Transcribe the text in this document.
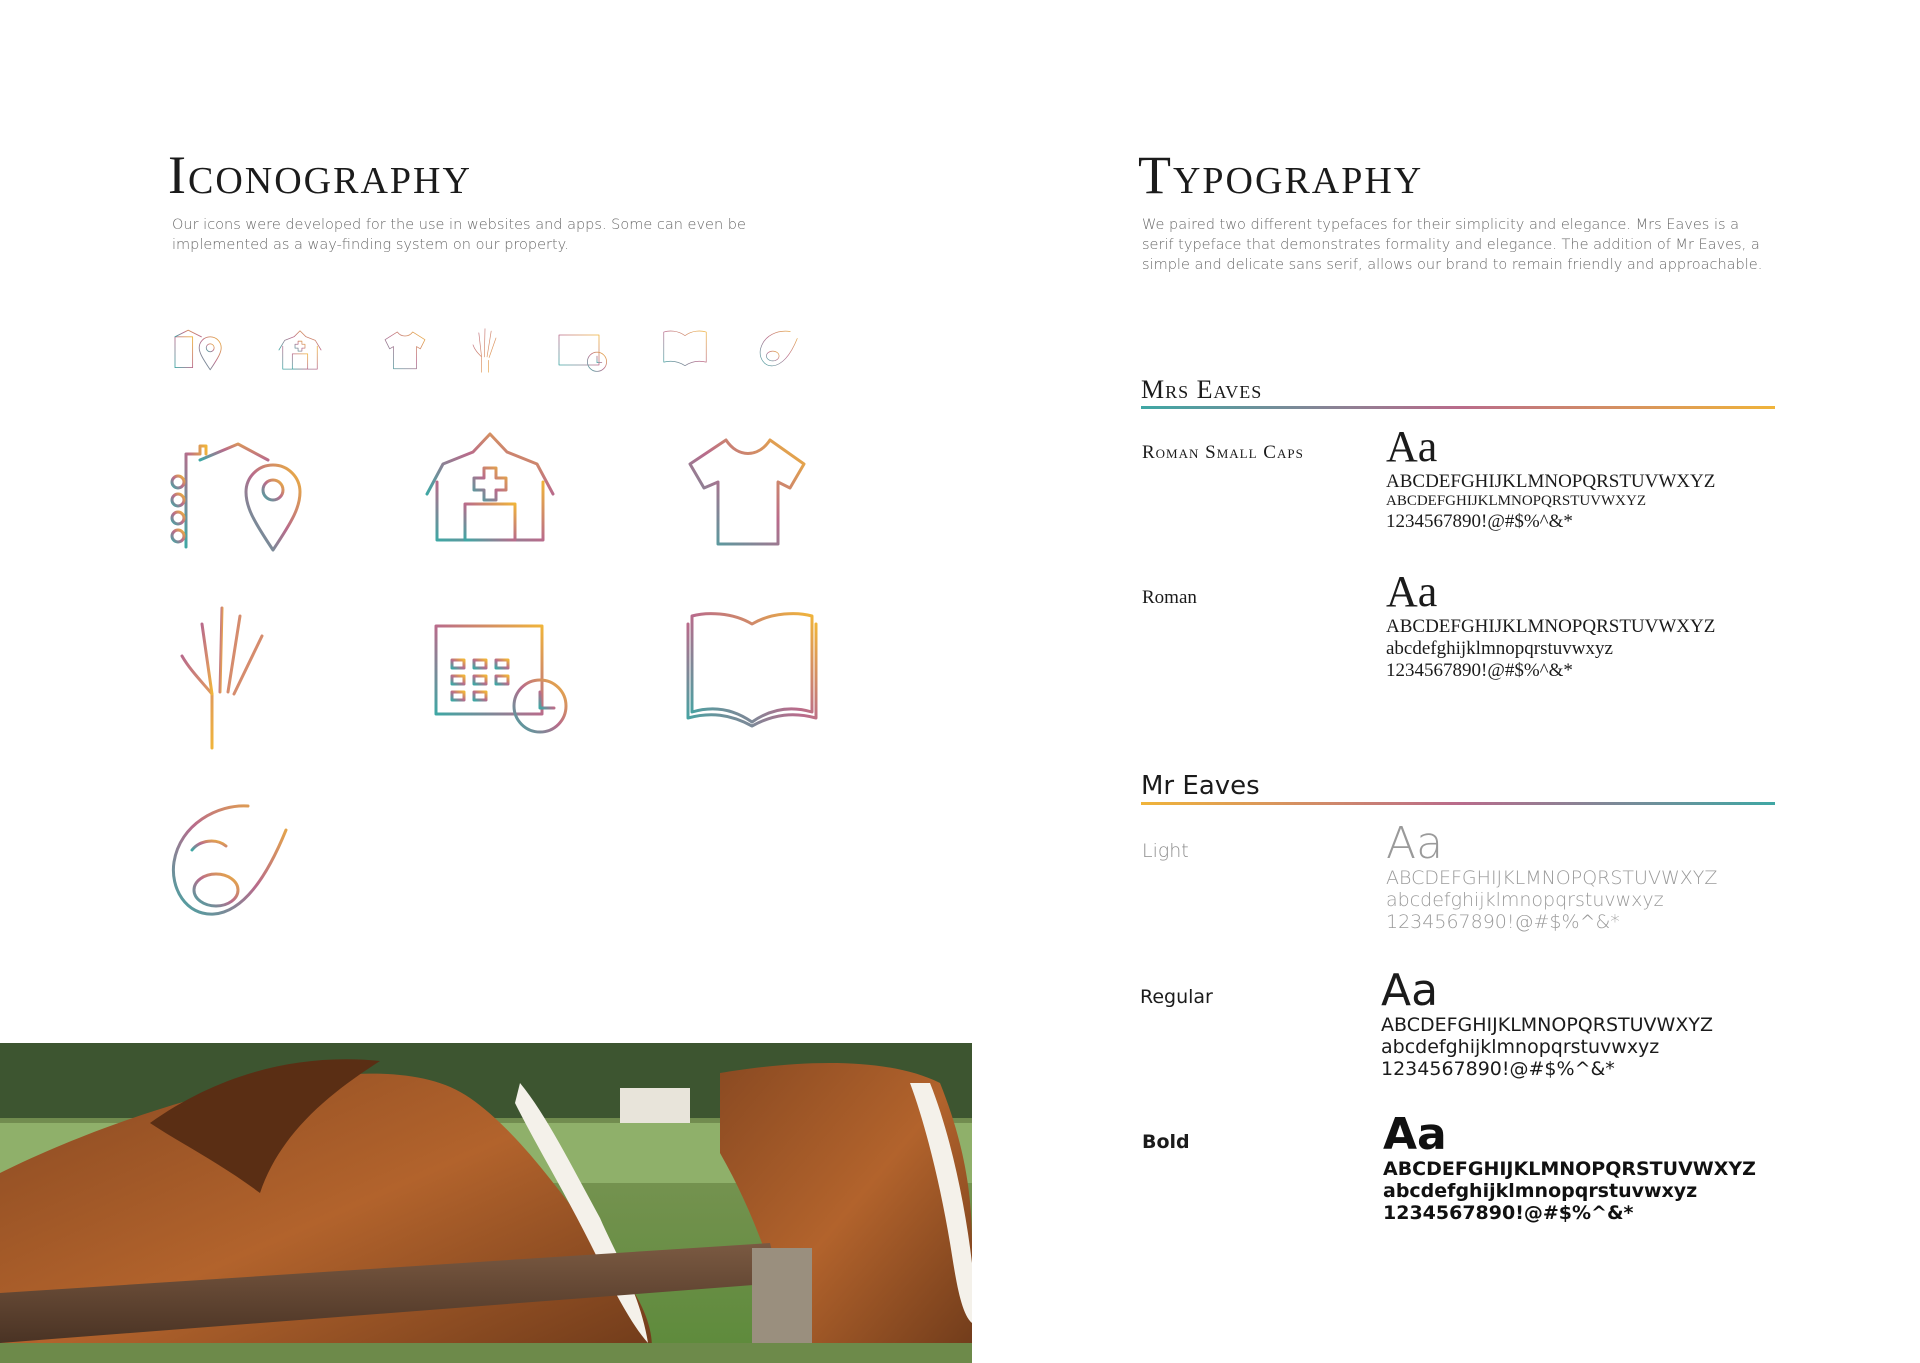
Iconography
Our icons were developed for the use in websites and apps. Some can even be implemented as a way-finding system on our property.
Typography
We paired two different typefaces for their simplicity and elegance. Mrs Eaves is a serif typeface that demonstrates formality and elegance. The addition of Mr Eaves, a simple and delicate sans serif, allows our brand to remain friendly and approachable.
Mrs Eaves
Roman Small Caps Aa
ABCDEFGHIJKLMNOPQRSTUVWXYZ
ABCDEFGHIJKLMNOPQRSTUVWXYZ
1234567890!@#$%^&*
Roman	Aa
ABCDEFGHIJKLMNOPQRSTUVWXYZ
abcdefghijklmnopqrstuvwxyz
1234567890!@#$%^&*
Mr Eaves
Light	Aa
ABCDEFGHIJKLMNOPQRSTUVWXYZ
abcdefghijklmnopqrstuvwxyz
1234567890!@#$%^&*
Regular	Aa
ABCDEFGHIJKLMNOPQRSTUVWXYZ
abcdefghijklmnopqrstuvwxyz
1234567890!@#$%^&*
Bold	Aa
ABCDEFGHIJKLMNOPQRSTUVWXYZ
abcdefghijklmnopqrstuvwxyz
1234567890!@#$%^&*
